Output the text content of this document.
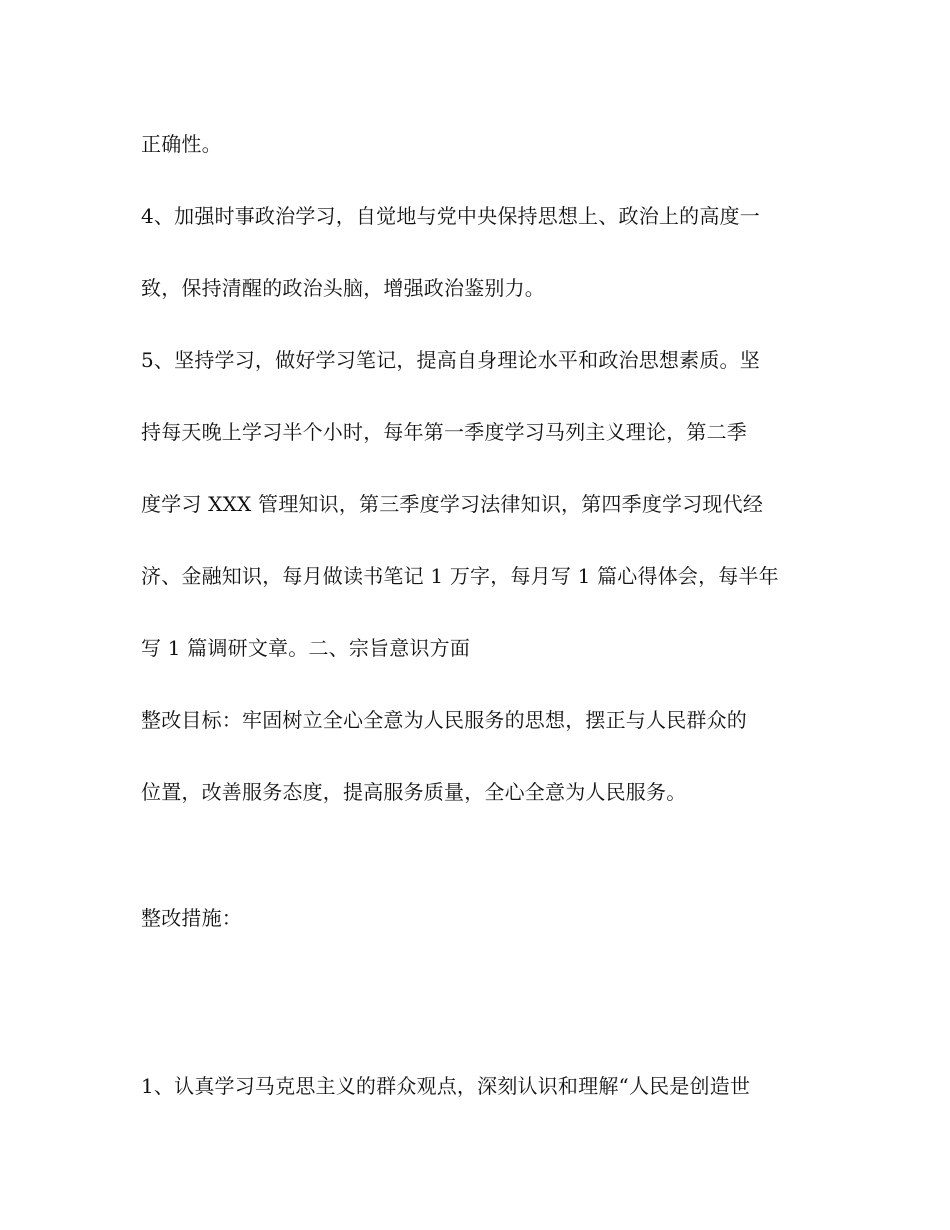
正确性。
4、加强时事政治学习，自觉地与党中央保持思想上、政治上的高度一
致，保持清醒的政治头脑，增强政治鉴别力。
5、坚持学习，做好学习笔记，提高自身理论水平和政治思想素质。坚
持每天晚上学习半个小时，每年第一季度学习马列主义理论，第二季
度学习 XXX 管理知识，第三季度学习法律知识，第四季度学习现代经
济、金融知识，每月做读书笔记 1 万字，每月写 1 篇心得体会，每半年
写 1 篇调研文章。二、宗旨意识方面
整改目标：牢固树立全心全意为人民服务的思想，摆正与人民群众的
位置，改善服务态度，提高服务质量，全心全意为人民服务。
整改措施：
1、认真学习马克思主义的群众观点，深刻认识和理解“人民是创造世
